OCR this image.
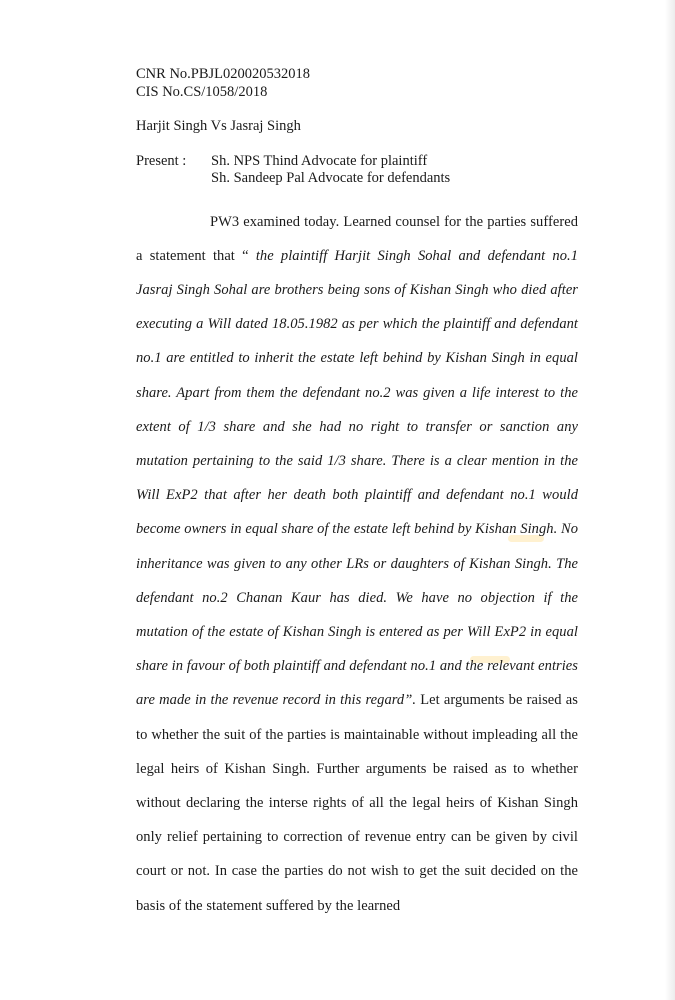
CNR No.PBJL020020532018
CIS No.CS/1058/2018
Harjit Singh Vs Jasraj Singh
Present :	Sh. NPS Thind Advocate for plaintiff
Sh. Sandeep Pal Advocate for defendants
PW3 examined today. Learned counsel for the parties suffered a statement that “ the plaintiff Harjit Singh Sohal and defendant no.1 Jasraj Singh Sohal are brothers being sons of Kishan Singh who died after executing a Will dated 18.05.1982 as per which the plaintiff and defendant no.1 are entitled to inherit the estate left behind by Kishan Singh in equal share. Apart from them the defendant no.2 was given a life interest to the extent of 1/3 share and she had no right to transfer or sanction any mutation pertaining to the said 1/3 share. There is a clear mention in the Will ExP2 that after her death both plaintiff and defendant no.1 would become owners in equal share of the estate left behind by Kishan Singh. No inheritance was given to any other LRs or daughters of Kishan Singh. The defendant no.2 Chanan Kaur has died. We have no objection if the mutation of the estate of Kishan Singh is entered as per Will ExP2 in equal share in favour of both plaintiff and defendant no.1 and the relevant entries are made in the revenue record in this regard”. Let arguments be raised as to whether the suit of the parties is maintainable without impleading all the legal heirs of Kishan Singh. Further arguments be raised as to whether without declaring the interse rights of all the legal heirs of Kishan Singh only relief pertaining to correction of revenue entry can be given by civil court or not. In case the parties do not wish to get the suit decided on the basis of the statement suffered by the learned
